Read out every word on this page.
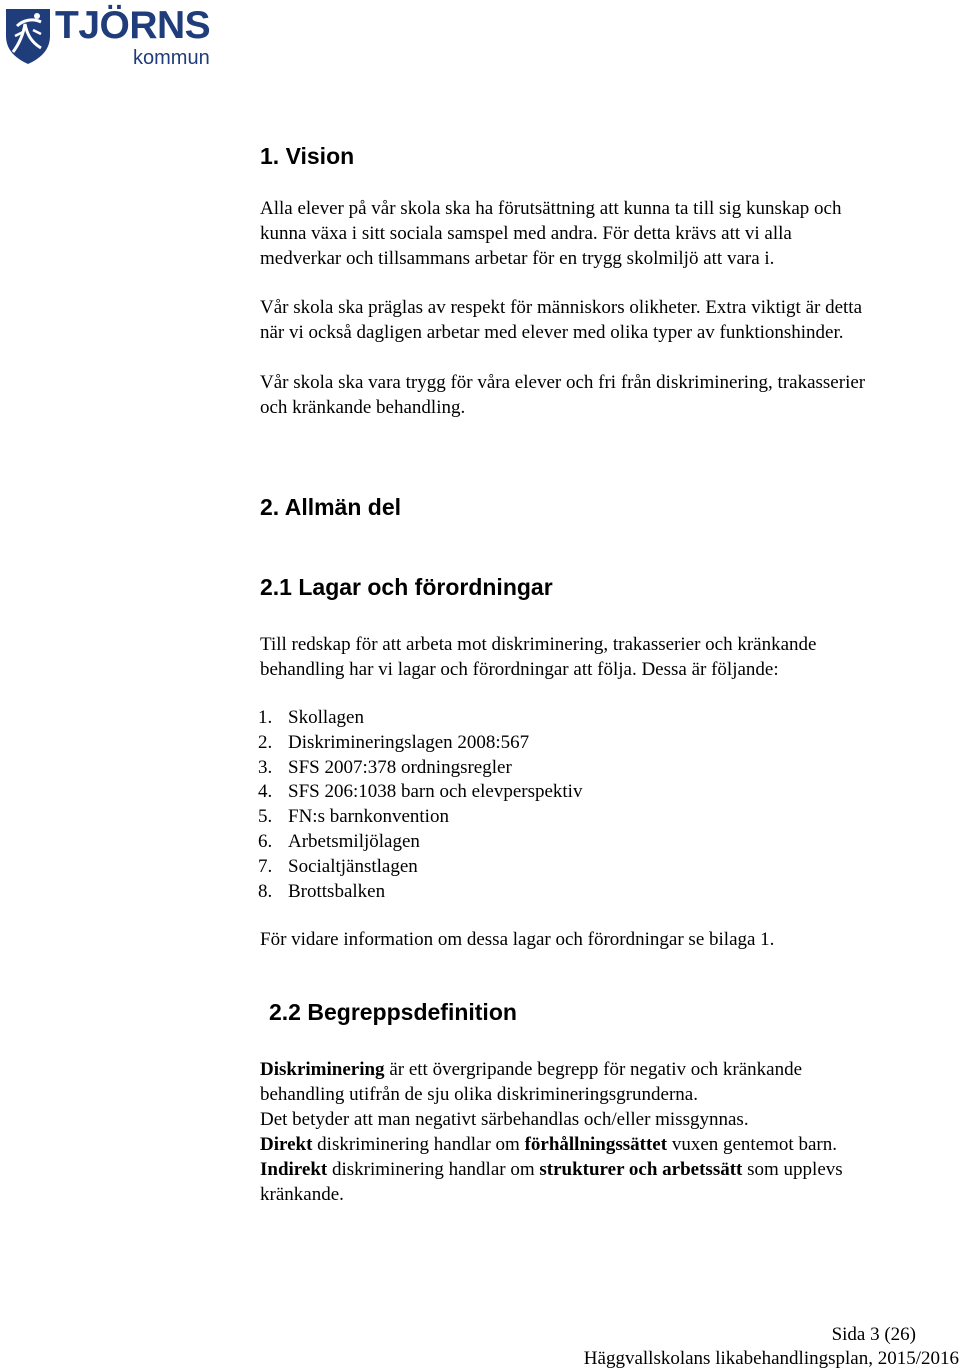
TJÖRNS
kommun
1. Vision

Alla elever på vår skola ska ha förutsättning att kunna ta till sig kunskap och
kunna växa i sitt sociala samspel med andra. För detta krävs att vi alla
medverkar och tillsammans arbetar för en trygg skolmiljö att vara i.

Vår skola ska präglas av respekt för människors olikheter. Extra viktigt är detta
när vi också dagligen arbetar med elever med olika typer av funktionshinder.

Vår skola ska vara trygg för våra elever och fri från diskriminering, trakasserier
och kränkande behandling.

2. Allmän del
2.1 Lagar och förordningar

Till redskap för att arbeta mot diskriminering, trakasserier och kränkande
behandling har vi lagar och förordningar att följa. Dessa är följande:

1. Skollagen
2. Diskrimineringslagen 2008:567
3. SFS 2007:378 ordningsregler
4. SFS 206:1038 barn och elevperspektiv
5. FN:s barnkonvention
6. Arbetsmiljölagen
7. Socialtjänstlagen
8. Brottsbalken

För vidare information om dessa lagar och förordningar se bilaga 1.

2.2 Begreppsdefinition

Diskriminering är ett övergripande begrepp för negativ och kränkande
behandling utifrån de sju olika diskrimineringsgrunderna.
Det betyder att man negativt särbehandlas och/eller missgynnas.
Direkt diskriminering handlar om förhållningssättet vuxen gentemot barn.
Indirekt diskriminering handlar om strukturer och arbetssätt som upplevs
kränkande.

Sida 3 (26)
Häggvallskolans likabehandlingsplan, 2015/2016
